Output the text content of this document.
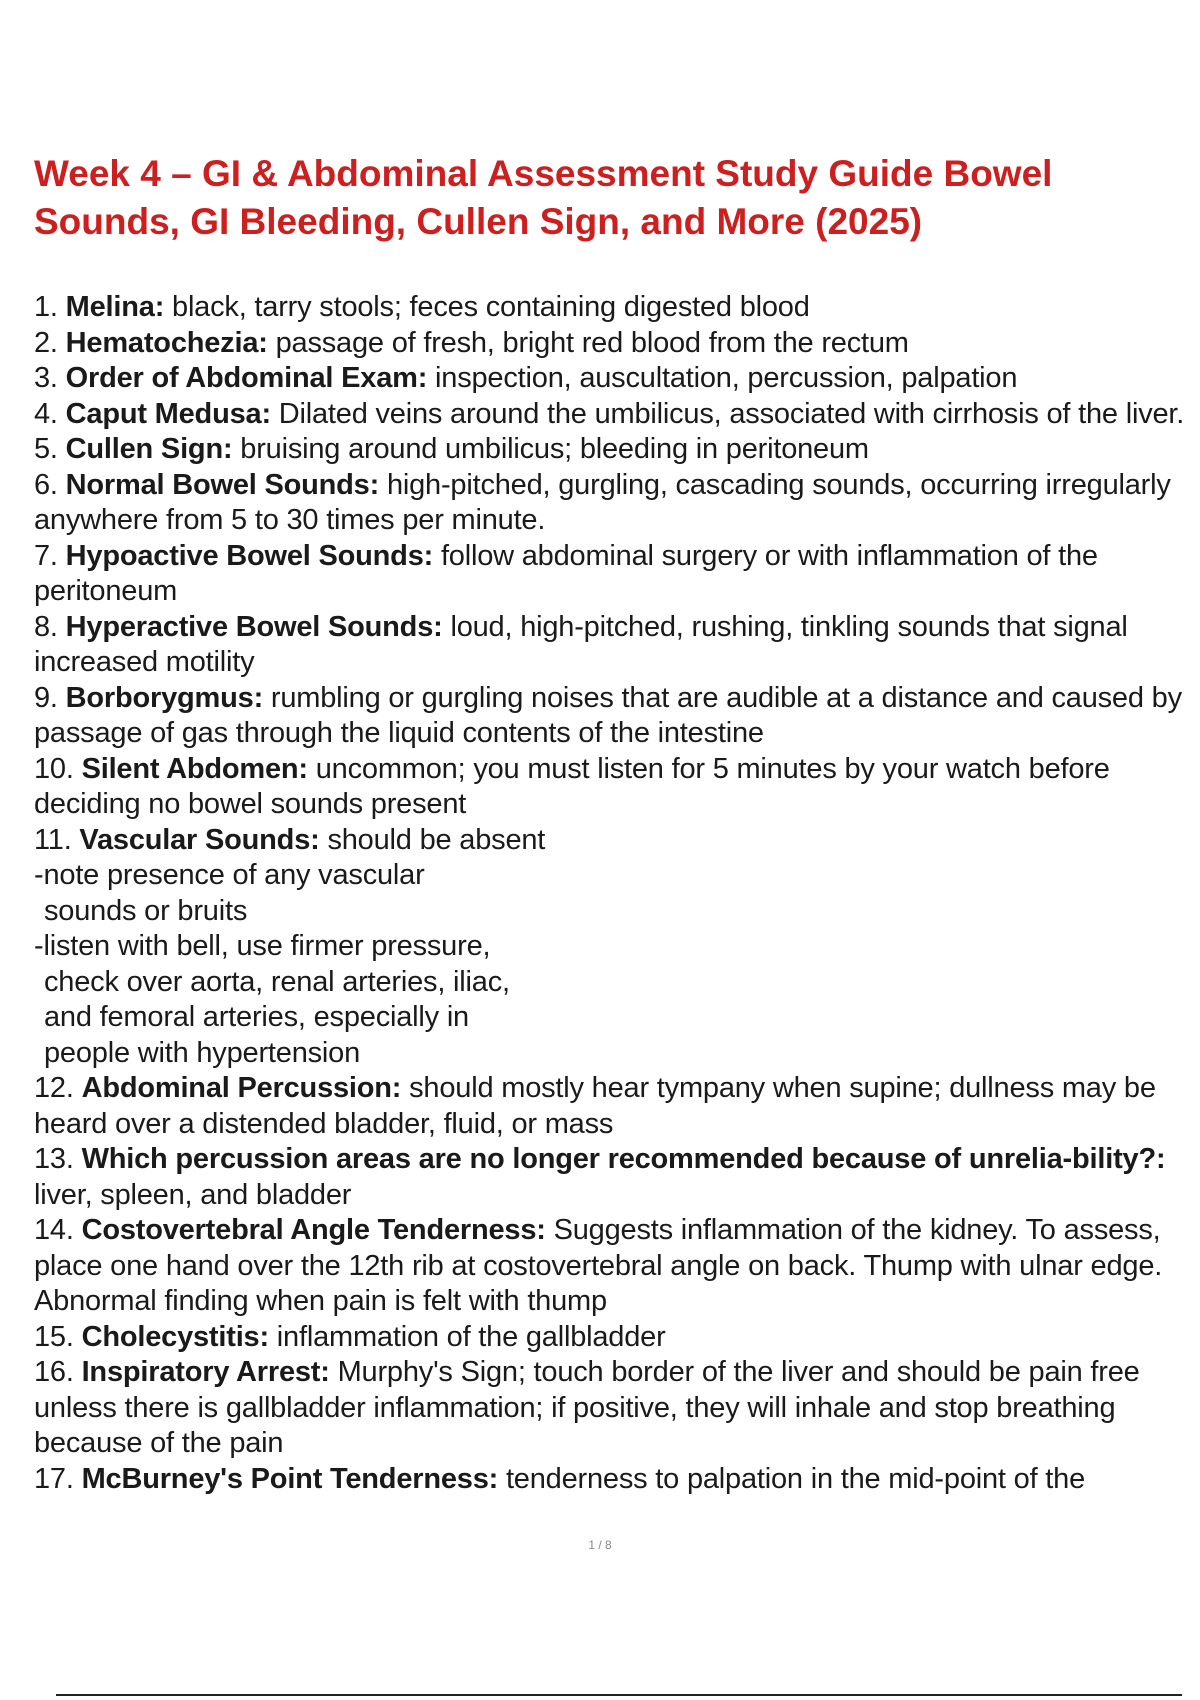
Week 4 – GI & Abdominal Assessment Study Guide Bowel Sounds, GI Bleeding, Cullen Sign, and More (2025)
1. Melina: black, tarry stools; feces containing digested blood
2. Hematochezia: passage of fresh, bright red blood from the rectum
3. Order of Abdominal Exam: inspection, auscultation, percussion, palpation
4. Caput Medusa: Dilated veins around the umbilicus, associated with cirrhosis of the liver.
5. Cullen Sign: bruising around umbilicus; bleeding in peritoneum
6. Normal Bowel Sounds: high-pitched, gurgling, cascading sounds, occurring irregularly anywhere from 5 to 30 times per minute.
7. Hypoactive Bowel Sounds: follow abdominal surgery or with inflammation of the peritoneum
8. Hyperactive Bowel Sounds: loud, high-pitched, rushing, tinkling sounds that signal increased motility
9. Borborygmus: rumbling or gurgling noises that are audible at a distance and caused by passage of gas through the liquid contents of the intestine
10. Silent Abdomen: uncommon; you must listen for 5 minutes by your watch before deciding no bowel sounds present
11. Vascular Sounds: should be absent
-note presence of any vascular
sounds or bruits
-listen with bell, use firmer pressure,
check over aorta, renal arteries, iliac,
and femoral arteries, especially in
people with hypertension
12. Abdominal Percussion: should mostly hear tympany when supine; dullness may be heard over a distended bladder, fluid, or mass
13. Which percussion areas are no longer recommended because of unrelia-bility?: liver, spleen, and bladder
14. Costovertebral Angle Tenderness: Suggests inflammation of the kidney. To assess, place one hand over the 12th rib at costovertebral angle on back. Thump with ulnar edge. Abnormal finding when pain is felt with thump
15. Cholecystitis: inflammation of the gallbladder
16. Inspiratory Arrest: Murphy's Sign; touch border of the liver and should be pain free unless there is gallbladder inflammation; if positive, they will inhale and stop breathing because of the pain
17. McBurney's Point Tenderness: tenderness to palpation in the mid-point of the
1 / 8
